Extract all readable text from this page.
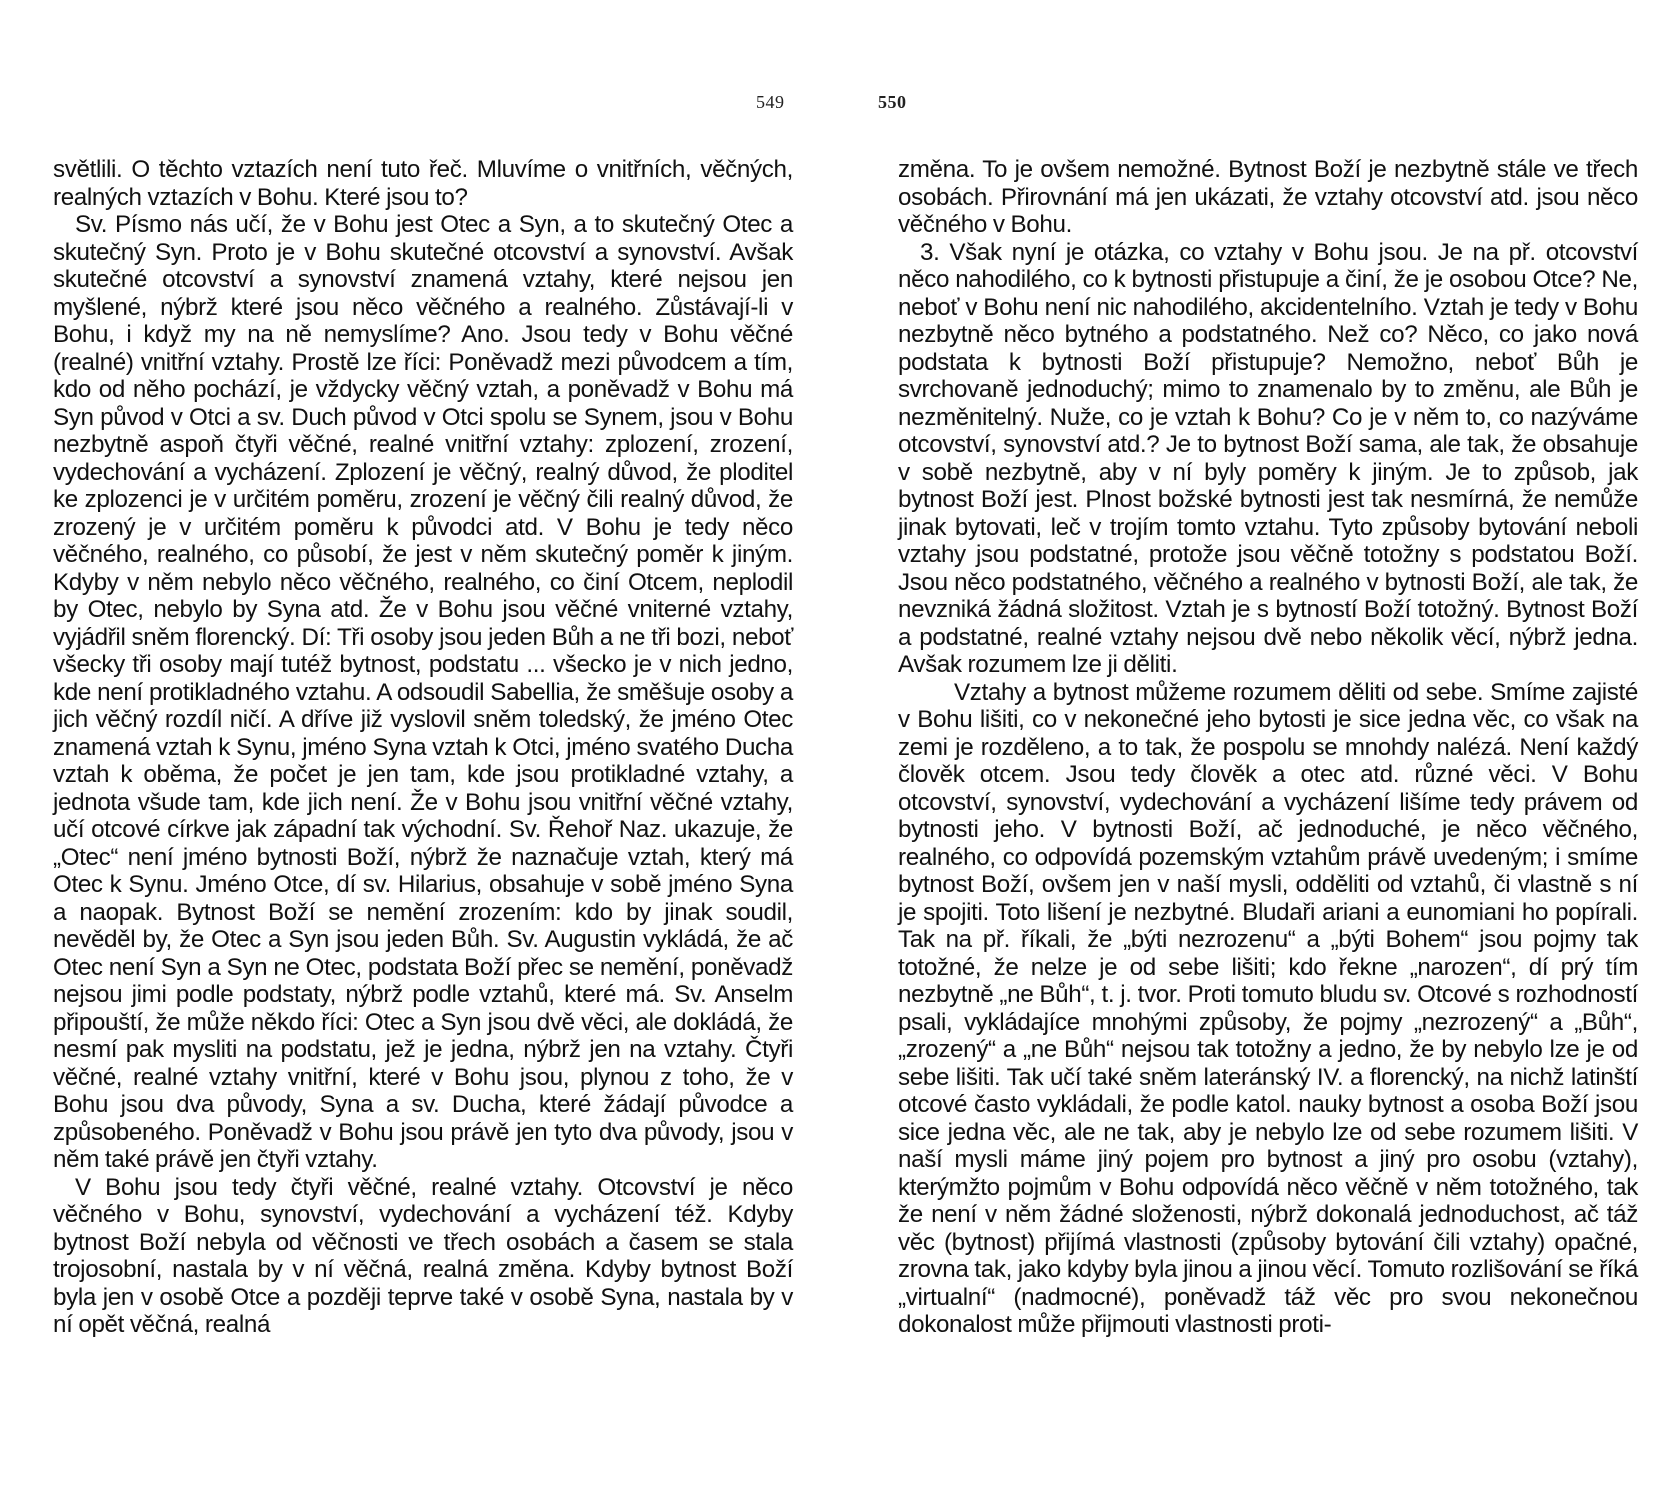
549

světlili. O těchto vztazích není tuto řeč. Mluvíme o vnitřních, věčných, realných vztazích v Bohu. Které jsou to?

Sv. Písmo nás učí, že v Bohu jest Otec a Syn, a to skutečný Otec a skutečný Syn. Proto je v Bohu skutečné otcovství a synovství. Avšak skutečné otcovství a synovství znamená vztahy, které nejsou jen myšlené, nýbrž které jsou něco věčného a realného. Zůstávají-li v Bohu, i když my na ně nemyslíme? Ano. Jsou tedy v Bohu věčné (realné) vnitřní vztahy. Prostě lze říci: Poněvadž mezi původcem a tím, kdo od něho pochází, je vždycky věčný vztah, a poněvadž v Bohu má Syn původ v Otci a sv. Duch původ v Otci spolu se Synem, jsou v Bohu nezbytně aspoň čtyři věčné, realné vnitřní vztahy: zplození, zrození, vydechování a vycházení. Zplození je věčný, realný důvod, že ploditel ke zplozenci je v určitém poměru, zrození je věčný čili realný důvod, že zrozený je v určitém poměru k původci atd. V Bohu je tedy něco věčného, realného, co působí, že jest v něm skutečný poměr k jiným. Kdyby v něm nebylo něco věčného, realného, co činí Otcem, neplodil by Otec, nebylo by Syna atd. Že v Bohu jsou věčné vniterné vztahy, vyjádřil sněm florencký. Dí: Tři osoby jsou jeden Bůh a ne tři bozi, neboť všecky tři osoby mají tutéž bytnost, podstatu ... všecko je v nich jedno, kde není protikladného vztahu. A odsoudil Sabellia, že směšuje osoby a jich věčný rozdíl ničí. A dříve již vyslovil sněm toledský, že jméno Otec znamená vztah k Synu, jméno Syna vztah k Otci, jméno svatého Ducha vztah k oběma, že počet je jen tam, kde jsou protikladné vztahy, a jednota všude tam, kde jich není. Že v Bohu jsou vnitřní věčné vztahy, učí otcové církve jak západní tak východní. Sv. Řehoř Naz. ukazuje, že „Otec“ není jméno bytnosti Boží, nýbrž že naznačuje vztah, který má Otec k Synu. Jméno Otce, dí sv. Hilarius, obsahuje v sobě jméno Syna a naopak. Bytnost Boží se nemění zrozením: kdo by jinak soudil, nevěděl by, že Otec a Syn jsou jeden Bůh. Sv. Augustin vykládá, že ač Otec není Syn a Syn ne Otec, podstata Boží přec se nemění, poněvadž nejsou jimi podle podstaty, nýbrž podle vztahů, které má. Sv. Anselm připouští, že může někdo říci: Otec a Syn jsou dvě věci, ale dokládá, že nesmí pak mysliti na podstatu, jež je jedna, nýbrž jen na vztahy. Čtyři věčné, realné vztahy vnitřní, které v Bohu jsou, plynou z toho, že v Bohu jsou dva původy, Syna a sv. Ducha, které žádají původce a způsobeného. Poněvadž v Bohu jsou právě jen tyto dva původy, jsou v něm také právě jen čtyři vztahy.

V Bohu jsou tedy čtyři věčné, realné vztahy. Otcovství je něco věčného v Bohu, synovství, vydechování a vycházení též. Kdyby bytnost Boží nebyla od věčnosti ve třech osobách a časem se stala trojosobní, nastala by v ní věčná, realná změna. Kdyby bytnost Boží byla jen v osobě Otce a později teprve také v osobě Syna, nastala by v ní opět věčná, realná

550

změna. To je ovšem nemožné. Bytnost Boží je nezbytně stále ve třech osobách. Přirovnání má jen ukázati, že vztahy otcovství atd. jsou něco věčného v Bohu.

3. Však nyní je otázka, co vztahy v Bohu jsou. Je na př. otcovství něco nahodilého, co k bytnosti přistupuje a činí, že je osobou Otce? Ne, neboť v Bohu není nic nahodilého, akcidentelního. Vztah je tedy v Bohu nezbytně něco bytného a podstatného. Než co? Něco, co jako nová podstata k bytnosti Boží přistupuje? Nemožno, neboť Bůh je svrchovaně jednoduchý; mimo to znamenalo by to změnu, ale Bůh je nezměnitelný. Nuže, co je vztah k Bohu? Co je v něm to, co nazýváme otcovství, synovství atd.? Je to bytnost Boží sama, ale tak, že obsahuje v sobě nezbytně, aby v ní byly poměry k jiným. Je to způsob, jak bytnost Boží jest. Plnost božské bytnosti jest tak nesmírná, že nemůže jinak bytovati, leč v trojím tomto vztahu. Tyto způsoby bytování neboli vztahy jsou podstatné, protože jsou věčně totožny s podstatou Boží. Jsou něco podstatného, věčného a realného v bytnosti Boží, ale tak, že nevzniká žádná složitost. Vztah je s bytností Boží totožný. Bytnost Boží a podstatné, realné vztahy nejsou dvě nebo několik věcí, nýbrž jedna. Avšak rozumem lze ji děliti.

Vztahy a bytnost můžeme rozumem děliti od sebe. Smíme zajisté v Bohu lišiti, co v nekonečné jeho bytosti je sice jedna věc, co však na zemi je rozděleno, a to tak, že pospolu se mnohdy nalézá. Není každý člověk otcem. Jsou tedy člověk a otec atd. různé věci. V Bohu otcovství, synovství, vydechování a vycházení lišíme tedy právem od bytnosti jeho. V bytnosti Boží, ač jednoduché, je něco věčného, realného, co odpovídá pozemským vztahům právě uvedeným; i smíme bytnost Boží, ovšem jen v naší mysli, odděliti od vztahů, či vlastně s ní je spojiti. Toto lišení je nezbytné. Bludaři ariani a eunomiani ho popírali. Tak na př. říkali, že „býti nezrozenu“ a „býti Bohem“ jsou pojmy tak totožné, že nelze je od sebe lišiti; kdo řekne „narozen“, dí prý tím nezbytně „ne Bůh“, t. j. tvor. Proti tomuto bludu sv. Otcové s rozhodností psali, vykládajíce mnohými způsoby, že pojmy „nezrozený“ a „Bůh“, „zrozený“ a „ne Bůh“ nejsou tak totožny a jedno, že by nebylo lze je od sebe lišiti. Tak učí také sněm lateránský IV. a florencký, na nichž latinští otcové často vykládali, že podle katol. nauky bytnost a osoba Boží jsou sice jedna věc, ale ne tak, aby je nebylo lze od sebe rozumem lišiti. V naší mysli máme jiný pojem pro bytnost a jiný pro osobu (vztahy), kterýmžto pojmům v Bohu odpovídá něco věčně v něm totožného, tak že není v něm žádné složenosti, nýbrž dokonalá jednoduchost, ač táž věc (bytnost) přijímá vlastnosti (způsoby bytování čili vztahy) opačné, zrovna tak, jako kdyby byla jinou a jinou věcí. Tomuto rozlišování se říká „virtualní“ (nadmocné), poněvadž táž věc pro svou nekonečnou dokonalost může přijmouti vlastnosti proti-
